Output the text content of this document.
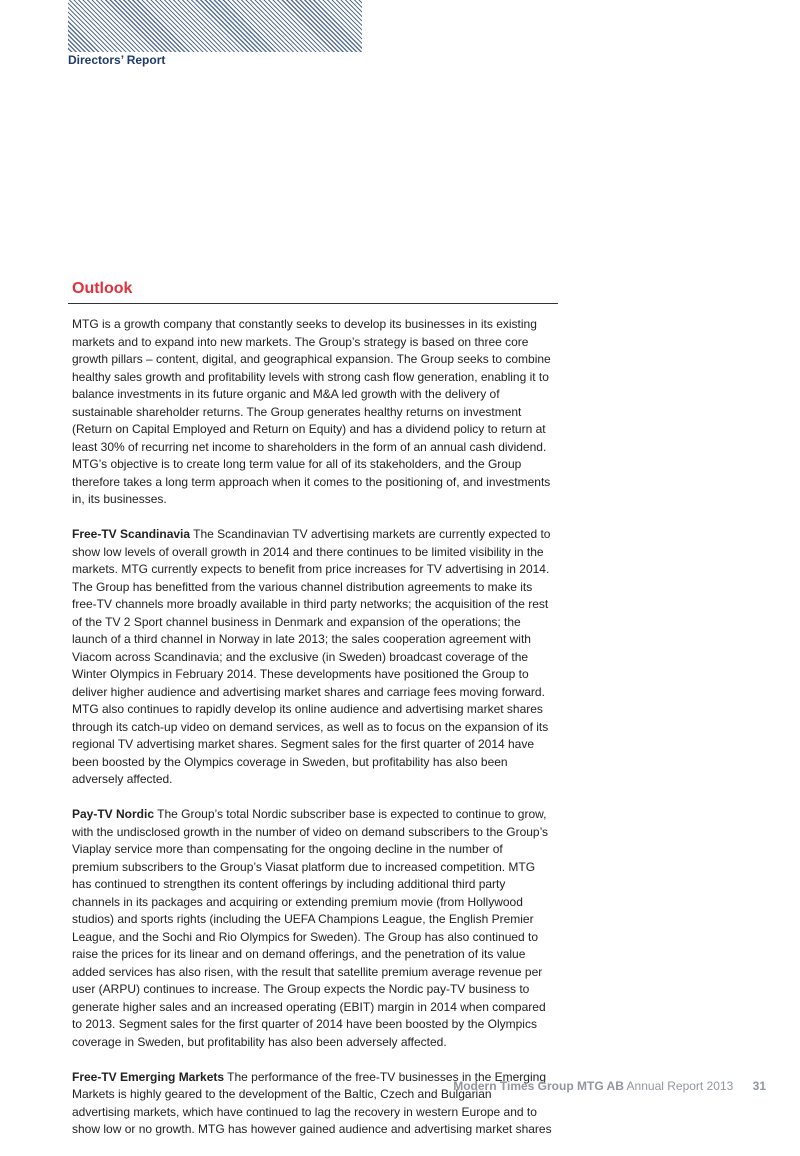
Directors’ Report
Outlook
MTG is a growth company that constantly seeks to develop its businesses in its existing
markets and to expand into new markets. The Group’s strategy is based on three core
growth pillars – content, digital, and geographical expansion. The Group seeks to combine
healthy sales growth and profitability levels with strong cash flow generation, enabling it to
balance investments in its future organic and M&A led growth with the delivery of
sustainable shareholder returns. The Group generates healthy returns on investment
(Return on Capital Employed and Return on Equity) and has a dividend policy to return at
least 30% of recurring net income to shareholders in the form of an annual cash dividend.
MTG’s objective is to create long term value for all of its stakeholders, and the Group
therefore takes a long term approach when it comes to the positioning of, and investments
in, its businesses.
Free-TV Scandinavia The Scandinavian TV advertising markets are currently expected to
show low levels of overall growth in 2014 and there continues to be limited visibility in the
markets. MTG currently expects to benefit from price increases for TV advertising in 2014.
The Group has benefitted from the various channel distribution agreements to make its
free-TV channels more broadly available in third party networks; the acquisition of the rest
of the TV 2 Sport channel business in Denmark and expansion of the operations; the
launch of a third channel in Norway in late 2013; the sales cooperation agreement with
Viacom across Scandinavia; and the exclusive (in Sweden) broadcast coverage of the
Winter Olympics in February 2014. These developments have positioned the Group to
deliver higher audience and advertising market shares and carriage fees moving forward.
MTG also continues to rapidly develop its online audience and advertising market shares
through its catch-up video on demand services, as well as to focus on the expansion of its
regional TV advertising market shares. Segment sales for the first quarter of 2014 have
been boosted by the Olympics coverage in Sweden, but profitability has also been
adversely affected.
Pay-TV Nordic The Group’s total Nordic subscriber base is expected to continue to grow,
with the undisclosed growth in the number of video on demand subscribers to the Group’s
Viaplay service more than compensating for the ongoing decline in the number of
premium subscribers to the Group’s Viasat platform due to increased competition. MTG
has continued to strengthen its content offerings by including additional third party
channels in its packages and acquiring or extending premium movie (from Hollywood
studios) and sports rights (including the UEFA Champions League, the English Premier
League, and the Sochi and Rio Olympics for Sweden). The Group has also continued to
raise the prices for its linear and on demand offerings, and the penetration of its value
added services has also risen, with the result that satellite premium average revenue per
user (ARPU) continues to increase. The Group expects the Nordic pay-TV business to
generate higher sales and an increased operating (EBIT) margin in 2014 when compared
to 2013. Segment sales for the first quarter of 2014 have been boosted by the Olympics
coverage in Sweden, but profitability has also been adversely affected.
Free-TV Emerging Markets The performance of the free-TV businesses in the Emerging
Markets is highly geared to the development of the Baltic, Czech and Bulgarian
advertising markets, which have continued to lag the recovery in western Europe and to
show low or no growth. MTG has however gained audience and advertising market shares
Modern Times Group MTG AB Annual Report 2013 31
